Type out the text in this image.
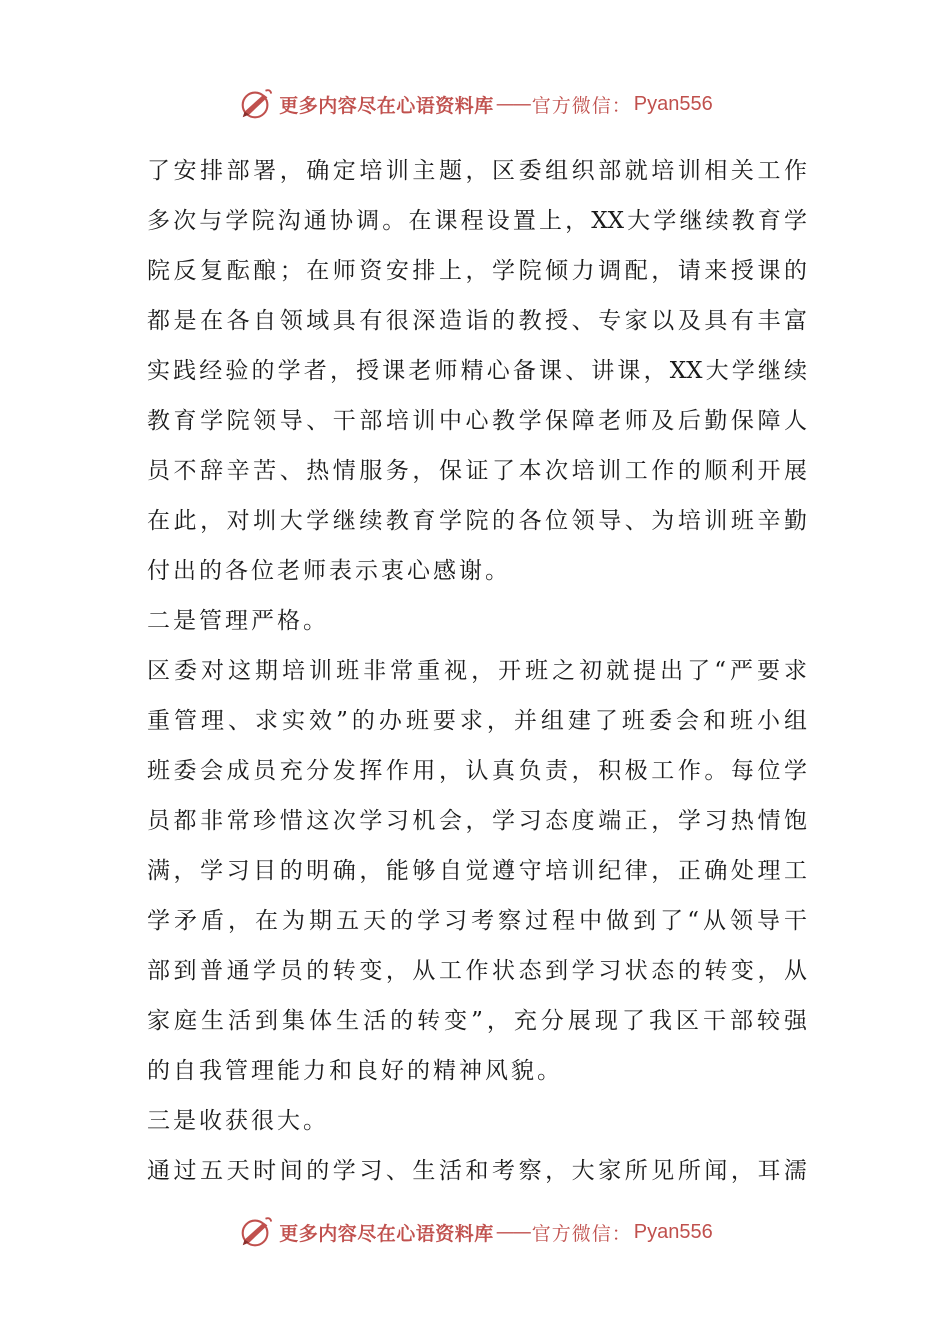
更多内容尽在心语资料库 —— 官方微信： Pyan556
了安排部署，确定培训主题，区委组织部就培训相关工作
多次与学院沟通协调。在课程设置上，XX大学继续教育学
院反复酝酿；在师资安排上，学院倾力调配，请来授课的
都是在各自领域具有很深造诣的教授、专家以及具有丰富
实践经验的学者，授课老师精心备课、讲课，XX大学继续
教育学院领导、干部培训中心教学保障老师及后勤保障人
员不辞辛苦、热情服务，保证了本次培训工作的顺利开展
在此，对圳大学继续教育学院的各位领导、为培训班辛勤
付出的各位老师表示衷心感谢。
二是管理严格。
区委对这期培训班非常重视，开班之初就提出了“严要求
重管理、求实效”的办班要求，并组建了班委会和班小组
班委会成员充分发挥作用，认真负责，积极工作。每位学
员都非常珍惜这次学习机会，学习态度端正，学习热情饱
满，学习目的明确，能够自觉遵守培训纪律，正确处理工
学矛盾，在为期五天的学习考察过程中做到了“从领导干
部到普通学员的转变，从工作状态到学习状态的转变，从
家庭生活到集体生活的转变”，充分展现了我区干部较强
的自我管理能力和良好的精神风貌。
三是收获很大。
通过五天时间的学习、生活和考察，大家所见所闻，耳濡
更多内容尽在心语资料库 —— 官方微信： Pyan556
